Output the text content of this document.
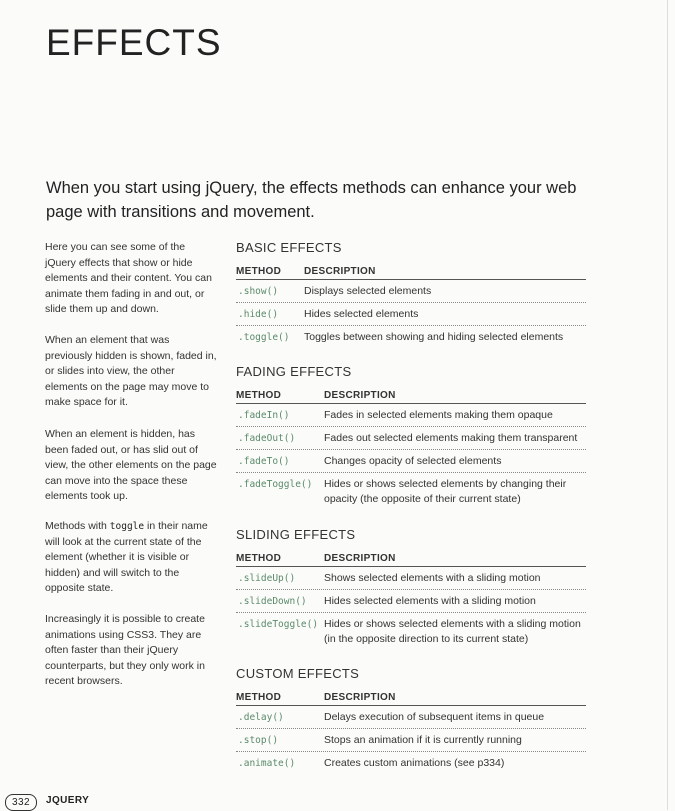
EFFECTS

When you start using jQuery, the effects methods can enhance your web page with transitions and movement.

Here you can see some of the jQuery effects that show or hide elements and their content. You can animate them fading in and out, or slide them up and down.

When an element that was previously hidden is shown, faded in, or slides into view, the other elements on the page may move to make space for it.

When an element is hidden, has been faded out, or has slid out of view, the other elements on the page can move into the space these elements took up.

Methods with toggle in their name will look at the current state of the element (whether it is visible or hidden) and will switch to the opposite state.

Increasingly it is possible to create animations using CSS3. They are often faster than their jQuery counterparts, but they only work in recent browsers.

BASIC EFFECTS
METHOD DESCRIPTION
.show() Displays selected elements
.hide() Hides selected elements
.toggle() Toggles between showing and hiding selected elements
FADING EFFECTS
METHOD	DESCRIPTION
.fadeIn()	Fades in selected elements making them opaque
.fadeOut()	Fades out selected elements making them transparent
.fadeTo()	Changes opacity of selected elements
.fadeToggle() Hides or shows selected elements by changing their opacity (the opposite of their current state)
SLIDING EFFECTS
METHOD	DESCRIPTION
.slideUp()	Shows selected elements with a sliding motion
.slideDown() Hides selected elements with a sliding motion
.slideToggle() Hides or shows selected elements with a sliding motion (in the opposite direction to its current state)
CUSTOM EFFECTS
METHOD	DESCRIPTION
.delay()	Delays execution of subsequent items in queue
.stop()	Stops an animation if it is currently running
.animate()	Creates custom animations (see p334)
332	JQUERY
